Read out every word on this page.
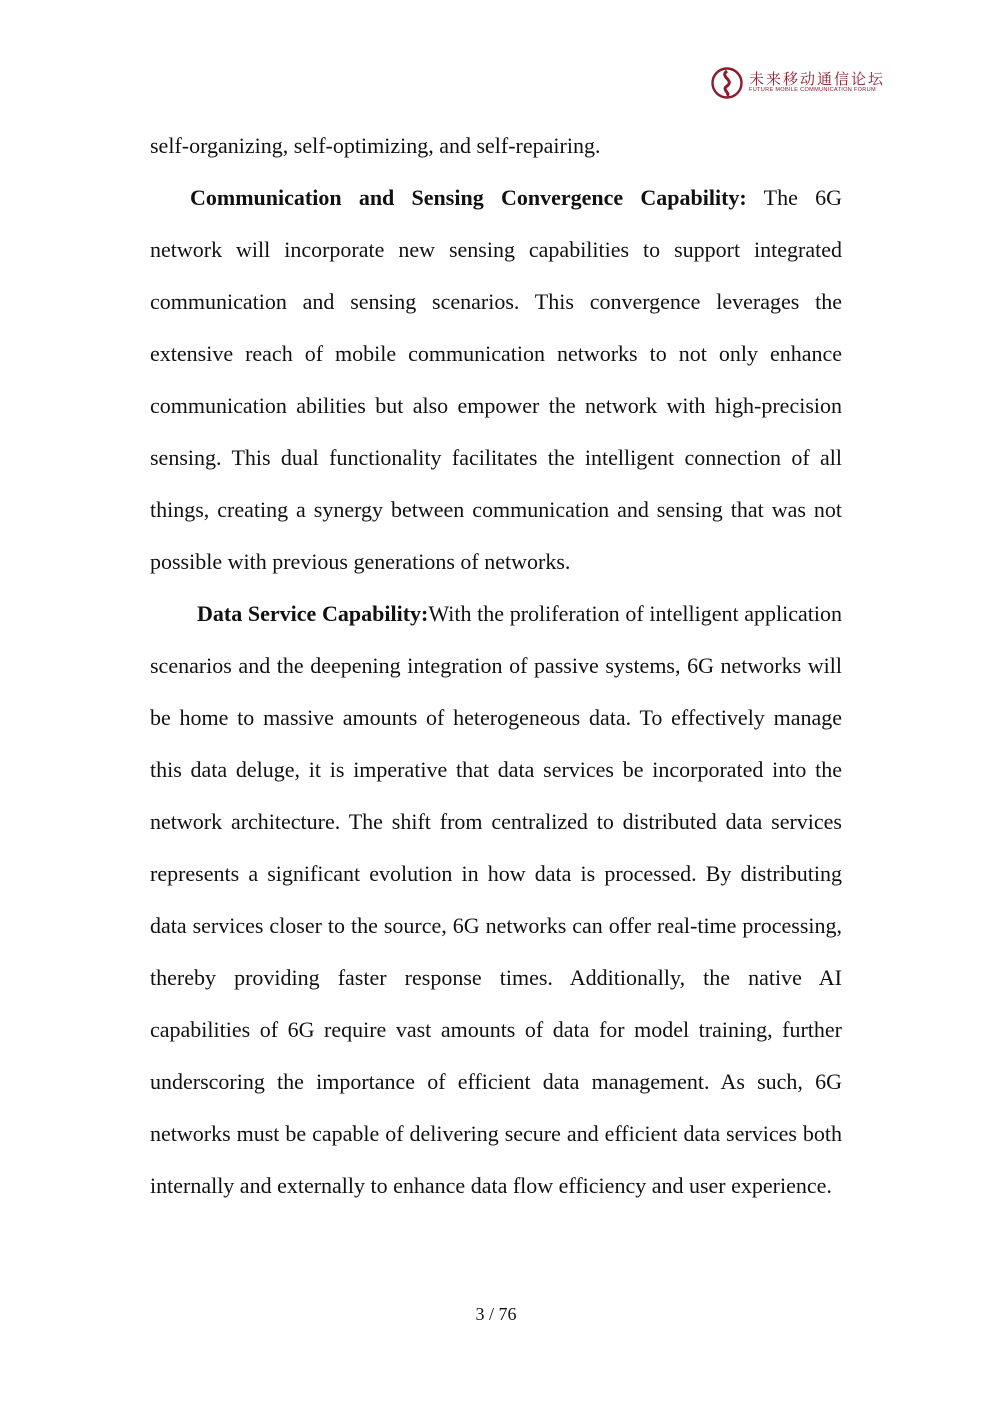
未来移动通信论坛
FUTURE MOBILE COMMUNICATION FORUM

self-organizing, self-optimizing, and self-repairing.

Communication and Sensing Convergence Capability: The 6G network will incorporate new sensing capabilities to support integrated communication and sensing scenarios. This convergence leverages the extensive reach of mobile communication networks to not only enhance communication abilities but also empower the network with high-precision sensing. This dual functionality facilitates the intelligent connection of all things, creating a synergy between communication and sensing that was not possible with previous generations of networks.

Data Service Capability:With the proliferation of intelligent application scenarios and the deepening integration of passive systems, 6G networks will be home to massive amounts of heterogeneous data. To effectively manage this data deluge, it is imperative that data services be incorporated into the network architecture. The shift from centralized to distributed data services represents a significant evolution in how data is processed. By distributing data services closer to the source, 6G networks can offer real-time processing, thereby providing faster response times. Additionally, the native AI capabilities of 6G require vast amounts of data for model training, further underscoring the importance of efficient data management. As such, 6G networks must be capable of delivering secure and efficient data services both internally and externally to enhance data flow efficiency and user experience.

3 / 76
